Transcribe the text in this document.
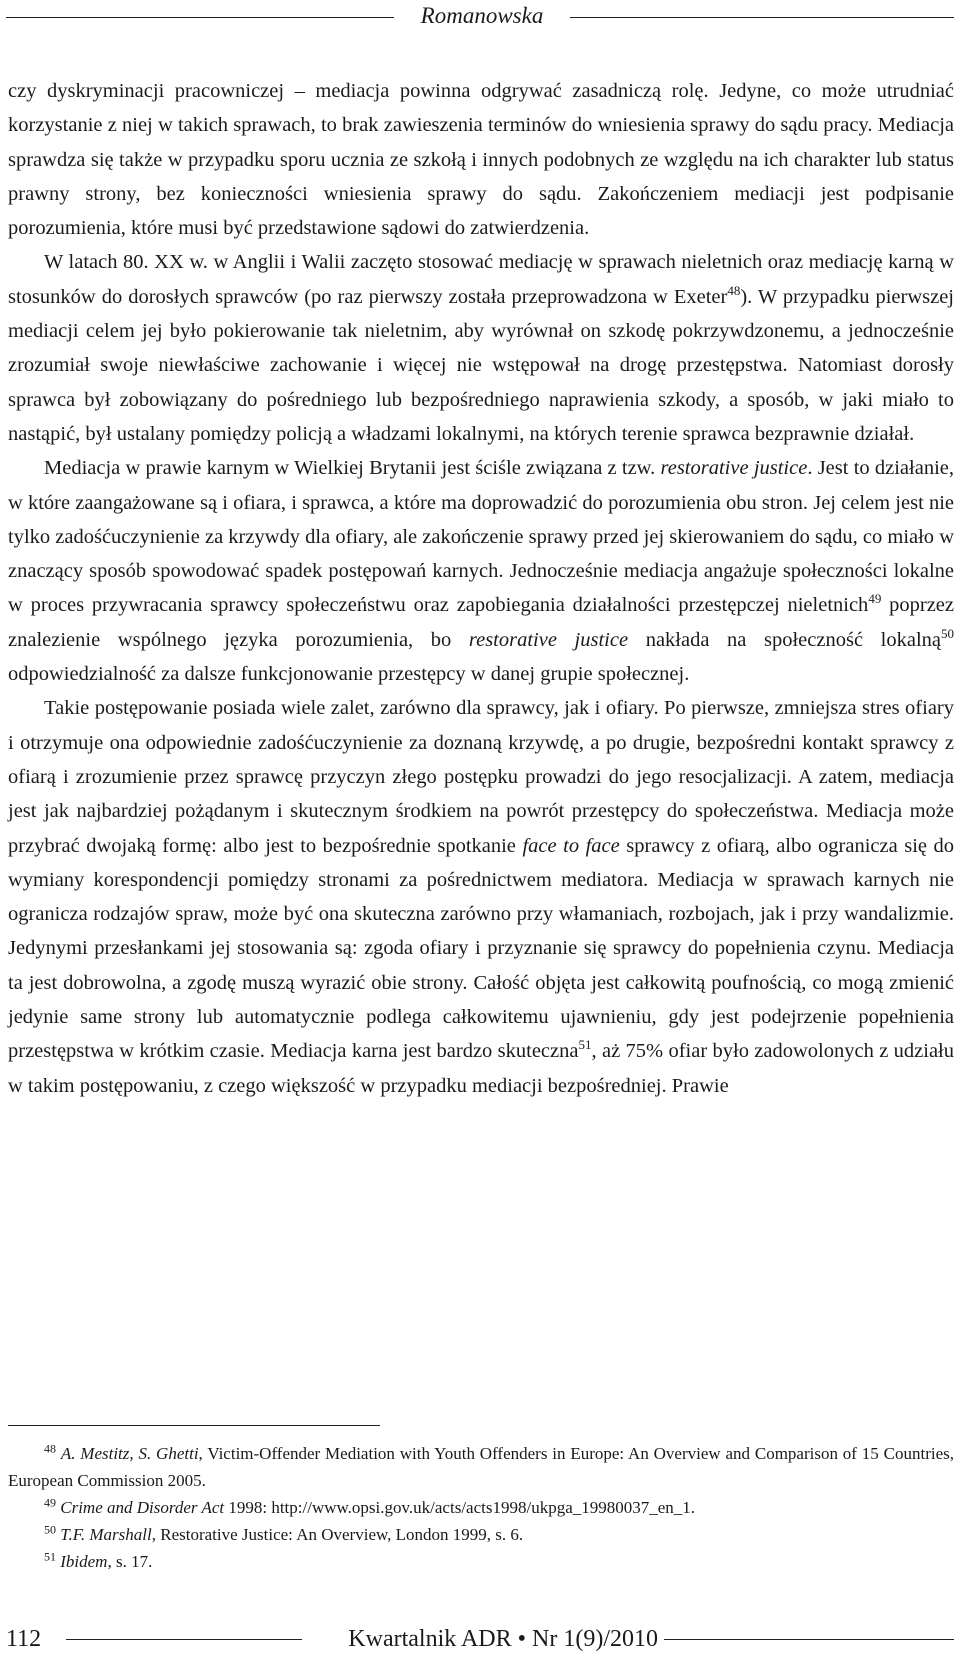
Romanowska

czy dyskryminacji pracowniczej – mediacja powinna odgrywać zasadniczą rolę. Jedyne, co może utrudniać korzystanie z niej w takich sprawach, to brak zawieszenia terminów do wniesienia sprawy do sądu pracy. Mediacja sprawdza się także w przypadku sporu ucznia ze szkołą i innych podobnych ze względu na ich charakter lub status prawny strony, bez konieczności wniesienia sprawy do sądu. Zakończeniem mediacji jest podpisanie porozumienia, które musi być przedstawione sądowi do zatwierdzenia.

W latach 80. XX w. w Anglii i Walii zaczęto stosować mediację w sprawach nieletnich oraz mediację karną w stosunków do dorosłych sprawców (po raz pierwszy została przeprowadzona w Exeter$^{48}$). W przypadku pierwszej mediacji celem jej było pokierowanie tak nieletnim, aby wyrównał on szkodę pokrzywdzonemu, a jednocześnie zrozumiał swoje niewłaściwe zachowanie i więcej nie wstępował na drogę przestępstwa. Natomiast dorosły sprawca był zobowiązany do pośredniego lub bezpośredniego naprawienia szkody, a sposób, w jaki miało to nastąpić, był ustalany pomiędzy policją a władzami lokalnymi, na których terenie sprawca bezprawnie działał.

Mediacja w prawie karnym w Wielkiej Brytanii jest ściśle związana z tzw. restorative justice. Jest to działanie, w które zaangażowane są i ofiara, i sprawca, a które ma doprowadzić do porozumienia obu stron. Jej celem jest nie tylko zadośćuczynienie za krzywdy dla ofiary, ale zakończenie sprawy przed jej skierowaniem do sądu, co miało w znaczący sposób spowodować spadek postępowań karnych. Jednocześnie mediacja angażuje społeczności lokalne w proces przywracania sprawcy społeczeństwu oraz zapobiegania działalności przestępczej nieletnich$^{49}$ poprzez znalezienie wspólnego języka porozumienia, bo restorative justice nakłada na społeczność lokalną$^{50}$ odpowiedzialność za dalsze funkcjonowanie przestępcy w danej grupie społecznej.

Takie postępowanie posiada wiele zalet, zarówno dla sprawcy, jak i ofiary. Po pierwsze, zmniejsza stres ofiary i otrzymuje ona odpowiednie zadośćuczynienie za doznaną krzywdę, a po drugie, bezpośredni kontakt sprawcy z ofiarą i zrozumienie przez sprawcę przyczyn złego postępku prowadzi do jego resocjalizacji. A zatem, mediacja jest jak najbardziej pożądanym i skutecznym środkiem na powrót przestępcy do społeczeństwa. Mediacja może przybrać dwojaką formę: albo jest to bezpośrednie spotkanie face to face sprawcy z ofiarą, albo ogranicza się do wymiany korespondencji pomiędzy stronami za pośrednictwem mediatora. Mediacja w sprawach karnych nie ogranicza rodzajów spraw, może być ona skuteczna zarówno przy włamaniach, rozbojach, jak i przy wandalizmie. Jedynymi przesłankami jej stosowania są: zgoda ofiary i przyznanie się sprawcy do popełnienia czynu. Mediacja ta jest dobrowolna, a zgodę muszą wyrazić obie strony. Całość objęta jest całkowitą poufnością, co mogą zmienić jedynie same strony lub automatycznie podlega całkowitemu ujawnieniu, gdy jest podejrzenie popełnienia przestępstwa w krótkim czasie. Mediacja karna jest bardzo skuteczna$^{51}$, aż 75% ofiar było zadowolonych z udziału w takim postępowaniu, z czego większość w przypadku mediacji bezpośredniej. Prawie

$^{48}$ A. Mestitz, S. Ghetti, Victim-Offender Mediation with Youth Offenders in Europe: An Overview and Comparison of 15 Countries, European Commission 2005.

$^{49}$ Crime and Disorder Act 1998: http://www.opsi.gov.uk/acts/acts1998/ukpga_19980037_en_1.

$^{50}$ T.F. Marshall, Restorative Justice: An Overview, London 1999, s. 6.

$^{51}$ Ibidem, s. 17.

112	Kwartalnik ADR • Nr 1(9)/2010
